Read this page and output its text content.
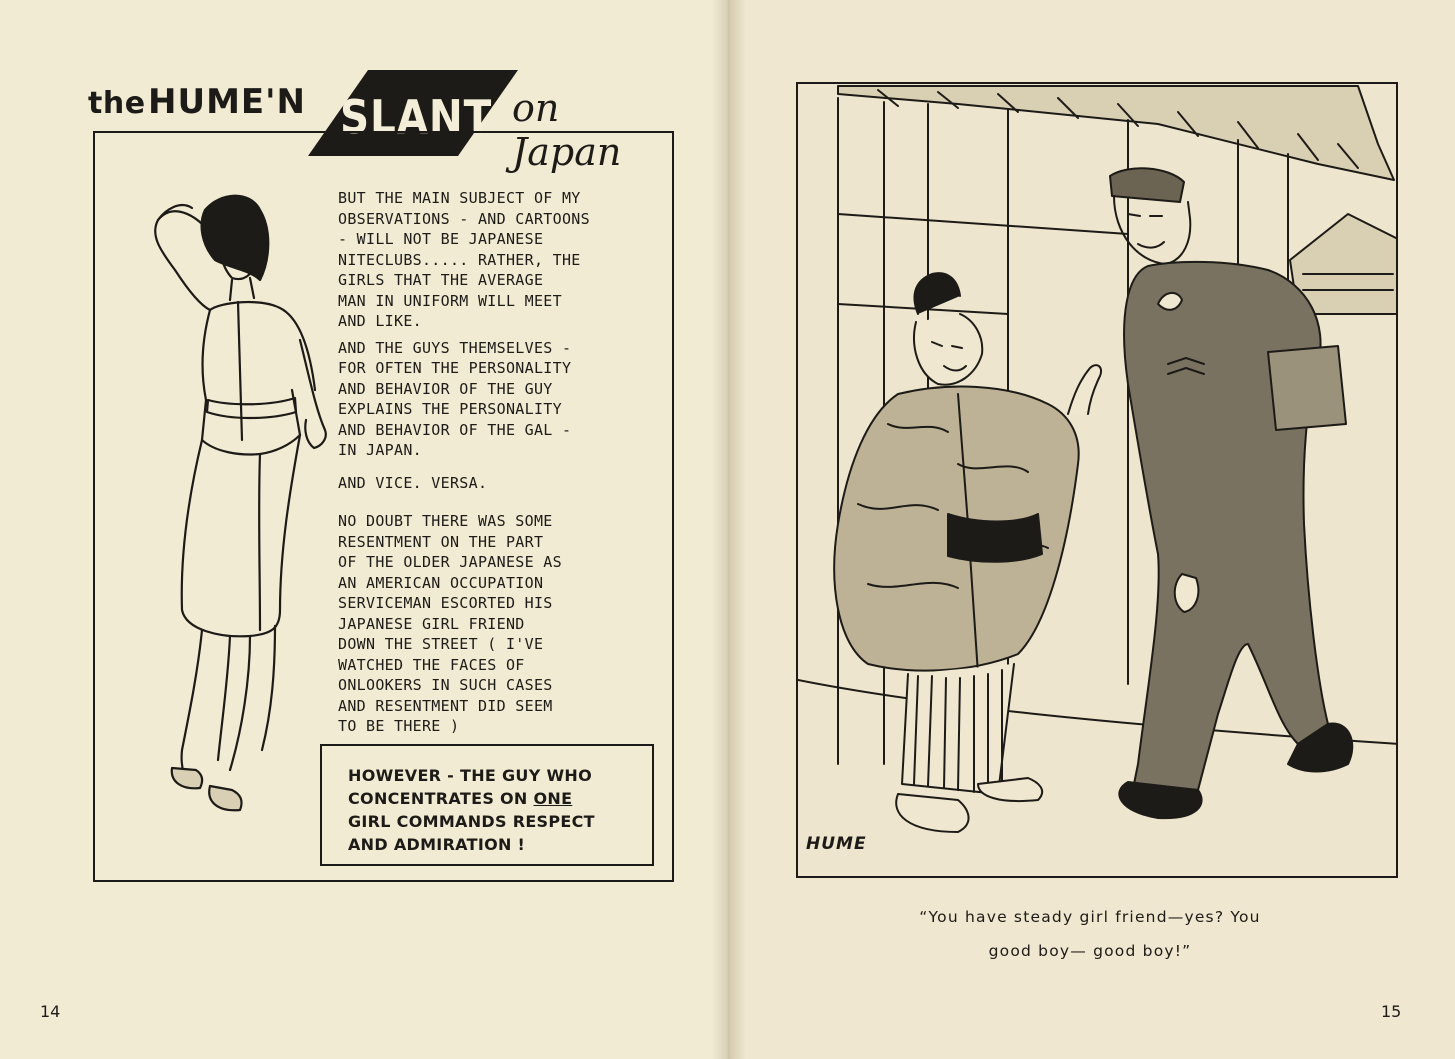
the HUME'N SLANT on Japan

BUT THE MAIN SUBJECT OF MY
OBSERVATIONS - AND CARTOONS
- WILL NOT BE JAPANESE
NITECLUBS..... RATHER, THE
GIRLS THAT THE AVERAGE
MAN IN UNIFORM WILL MEET
AND LIKE.

AND THE GUYS THEMSELVES -
FOR OFTEN THE PERSONALITY
AND BEHAVIOR OF THE GUY
EXPLAINS THE PERSONALITY
AND BEHAVIOR OF THE GAL -
IN JAPAN.

AND VICE. VERSA.

NO DOUBT THERE WAS SOME
RESENTMENT ON THE PART
OF THE OLDER JAPANESE AS
AN AMERICAN OCCUPATION
SERVICEMAN ESCORTED HIS
JAPANESE GIRL FRIEND
DOWN THE STREET ( I'VE
WATCHED THE FACES OF
ONLOOKERS IN SUCH CASES
AND RESENTMENT DID SEEM
TO BE THERE )

HOWEVER - THE GUY WHO
CONCENTRATES ON ONE
GIRL COMMANDS RESPECT
AND ADMIRATION !
14
HUME
“You have steady girl friend—yes? You
good boy— good boy!”
15
